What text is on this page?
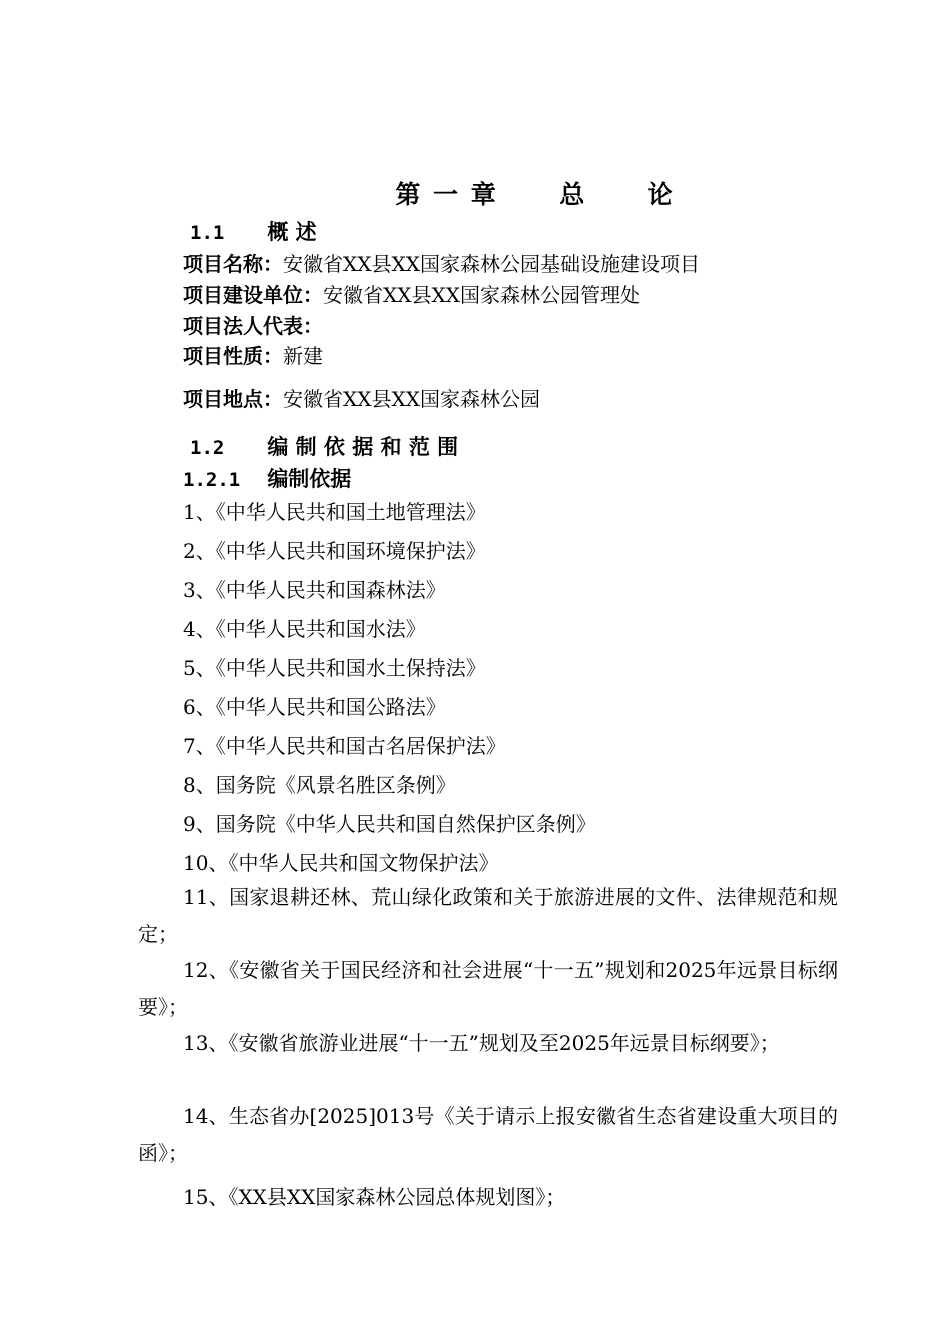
第 一 章 总 论
1.1 概 述
项目名称：安徽省XX县XX国家森林公园基础设施建设项目
项目建设单位：安徽省XX县XX国家森林公园管理处
项目法人代表：
项目性质：新建
项目地点：安徽省XX县XX国家森林公园
1.2 编 制 依 据 和 范 围
1.2.1 编制依据
1、《中华人民共和国土地管理法》
2、《中华人民共和国环境保护法》
3、《中华人民共和国森林法》
4、《中华人民共和国水法》
5、《中华人民共和国水土保持法》
6、《中华人民共和国公路法》
7、《中华人民共和国古名居保护法》
8、国务院《风景名胜区条例》
9、国务院《中华人民共和国自然保护区条例》
10、《中华人民共和国文物保护法》
11、国家退耕还林、荒山绿化政策和关于旅游进展的文件、法律规范和规定；
12、《安徽省关于国民经济和社会进展“十一五”规划和2025年远景目标纲要》；
13、《安徽省旅游业进展“十一五”规划及至2025年远景目标纲要》；
14、生态省办[2025]013号《关于请示上报安徽省生态省建设重大项目的函》；
15、《XX县XX国家森林公园总体规划图》；
